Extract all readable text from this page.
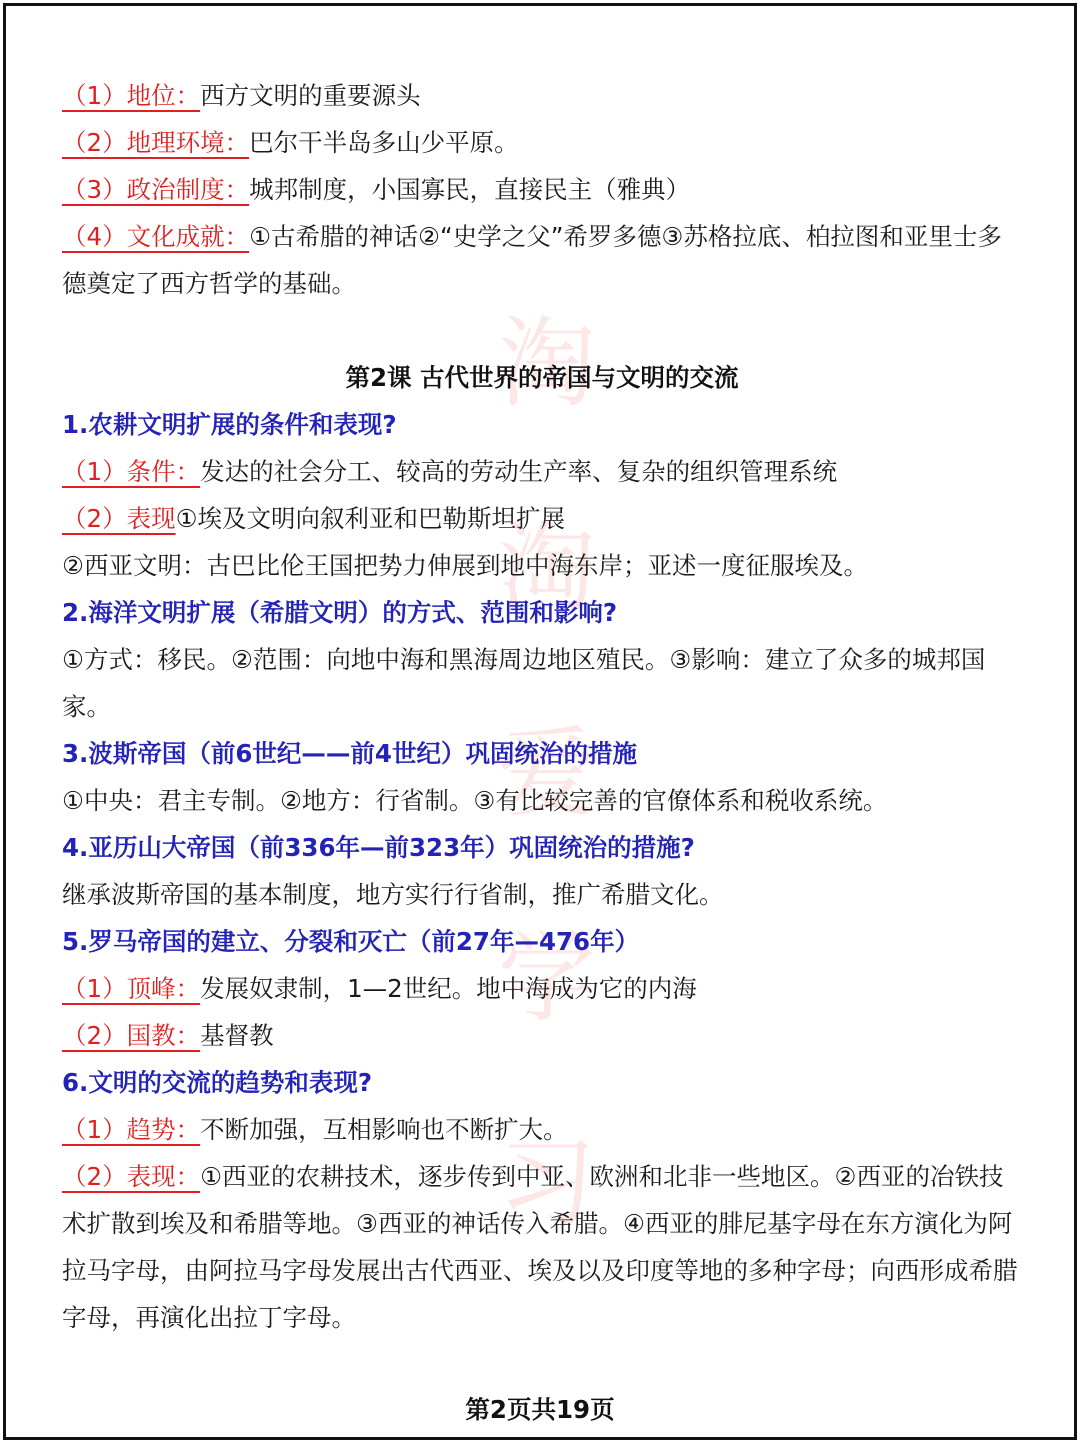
淘
淘
爱
学
习
（1）地位：西方文明的重要源头
（2）地理环境：巴尔干半岛多山少平原。
（3）政治制度：城邦制度，小国寡民，直接民主（雅典）
（4）文化成就：①古希腊的神话②“史学之父”希罗多德③苏格拉底、柏拉图和亚里士多德奠定了西方哲学的基础。
第2课 古代世界的帝国与文明的交流
1.农耕文明扩展的条件和表现?
（1）条件：发达的社会分工、较高的劳动生产率、复杂的组织管理系统
（2）表现①埃及文明向叙利亚和巴勒斯坦扩展
②西亚文明：古巴比伦王国把势力伸展到地中海东岸；亚述一度征服埃及。
2.海洋文明扩展（希腊文明）的方式、范围和影响?
①方式：移民。②范围：向地中海和黑海周边地区殖民。③影响：建立了众多的城邦国家。
3.波斯帝国（前6世纪——前4世纪）巩固统治的措施
①中央：君主专制。②地方：行省制。③有比较完善的官僚体系和税收系统。
4.亚历山大帝国（前336年—前323年）巩固统治的措施?
继承波斯帝国的基本制度，地方实行行省制，推广希腊文化。
5.罗马帝国的建立、分裂和灭亡（前27年—476年）
（1）顶峰：发展奴隶制，1—2世纪。地中海成为它的内海
（2）国教：基督教
6.文明的交流的趋势和表现?
（1）趋势：不断加强，互相影响也不断扩大。
（2）表现：①西亚的农耕技术，逐步传到中亚、欧洲和北非一些地区。②西亚的冶铁技术扩散到埃及和希腊等地。③西亚的神话传入希腊。④西亚的腓尼基字母在东方演化为阿拉马字母，由阿拉马字母发展出古代西亚、埃及以及印度等地的多种字母；向西形成希腊字母，再演化出拉丁字母。
第2页共19页
